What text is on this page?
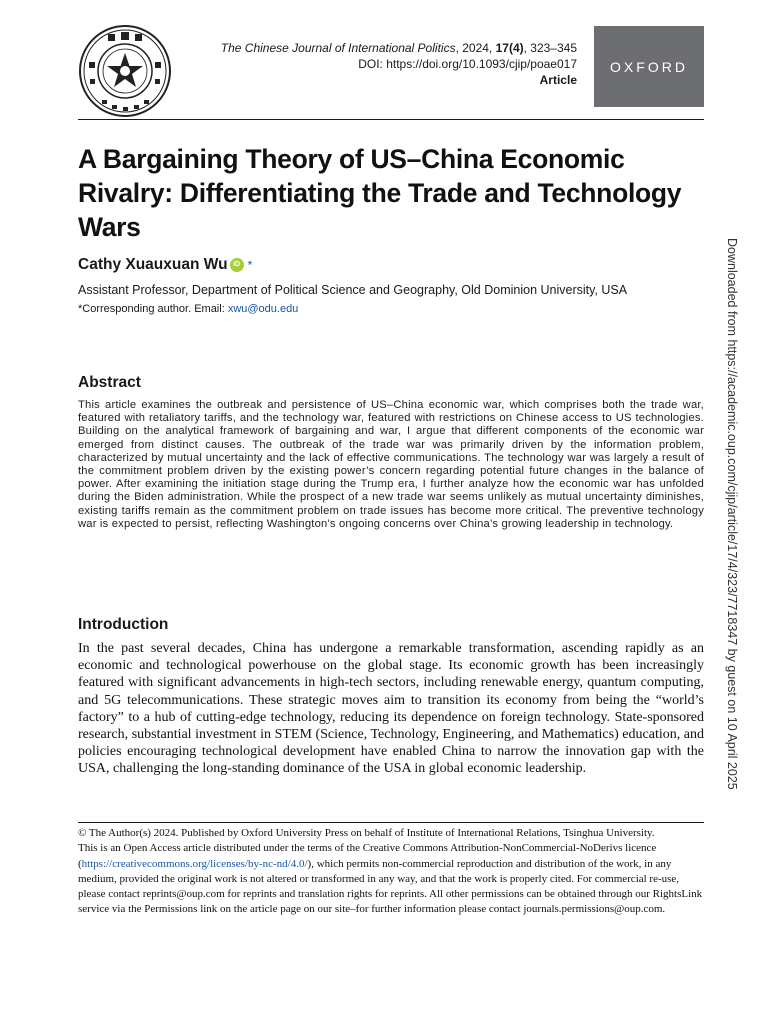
The Chinese Journal of International Politics, 2024, 17(4), 323–345
DOI: https://doi.org/10.1093/cjip/poae017
Article
OXFORD
A Bargaining Theory of US–China Economic Rivalry: Differentiating the Trade and Technology Wars
Cathy Xuauxuan Wu iD *
Assistant Professor, Department of Political Science and Geography, Old Dominion University, USA
*Corresponding author. Email: xwu@odu.edu
Abstract

This article examines the outbreak and persistence of US–China economic war, which comprises both the trade war, featured with retaliatory tariffs, and the technology war, featured with restrictions on Chinese access to US technologies. Building on the analytical framework of bargaining and war, I argue that different components of the economic war emerged from distinct causes. The outbreak of the trade war was primarily driven by the information problem, characterized by mutual uncertainty and the lack of effective communications. The technology war was largely a result of the commitment problem driven by the existing power’s concern regarding potential future changes in the balance of power. After examining the initiation stage during the Trump era, I further analyze how the economic war has unfolded during the Biden administration. While the prospect of a new trade war seems unlikely as mutual uncertainty diminishes, existing tariffs remain as the commitment problem on trade issues has become more critical. The preventive technology war is expected to persist, reflecting Washington’s ongoing concerns over China’s growing leadership in technology.

Introduction

In the past several decades, China has undergone a remarkable transformation, ascending rapidly as an economic and technological powerhouse on the global stage. Its economic growth has been increasingly featured with significant advancements in high-tech sectors, including renewable energy, quantum computing, and 5G telecommunications. These strategic moves aim to transition its economy from being the “world’s factory” to a hub of cutting-edge technology, reducing its dependence on foreign technology. State-sponsored research, substantial investment in STEM (Science, Technology, Engineering, and Mathematics) education, and policies encouraging technological development have enabled China to narrow the innovation gap with the USA, challenging the long-standing dominance of the USA in global economic leadership.

© The Author(s) 2024. Published by Oxford University Press on behalf of Institute of International Relations, Tsinghua University.

This is an Open Access article distributed under the terms of the Creative Commons Attribution-NonCommercial-NoDerivs licence (https://creativecommons.org/licenses/by-nc-nd/4.0/), which permits non-commercial reproduction and distribution of the work, in any medium, provided the original work is not altered or transformed in any way, and that the work is properly cited. For commercial re-use, please contact reprints@oup.com for reprints and translation rights for reprints. All other permissions can be obtained through our RightsLink service via the Permissions link on the article page on our site–for further information please contact journals.permissions@oup.com.

Downloaded from https://academic.oup.com/cjip/article/17/4/323/7718347 by guest on 10 April 2025
